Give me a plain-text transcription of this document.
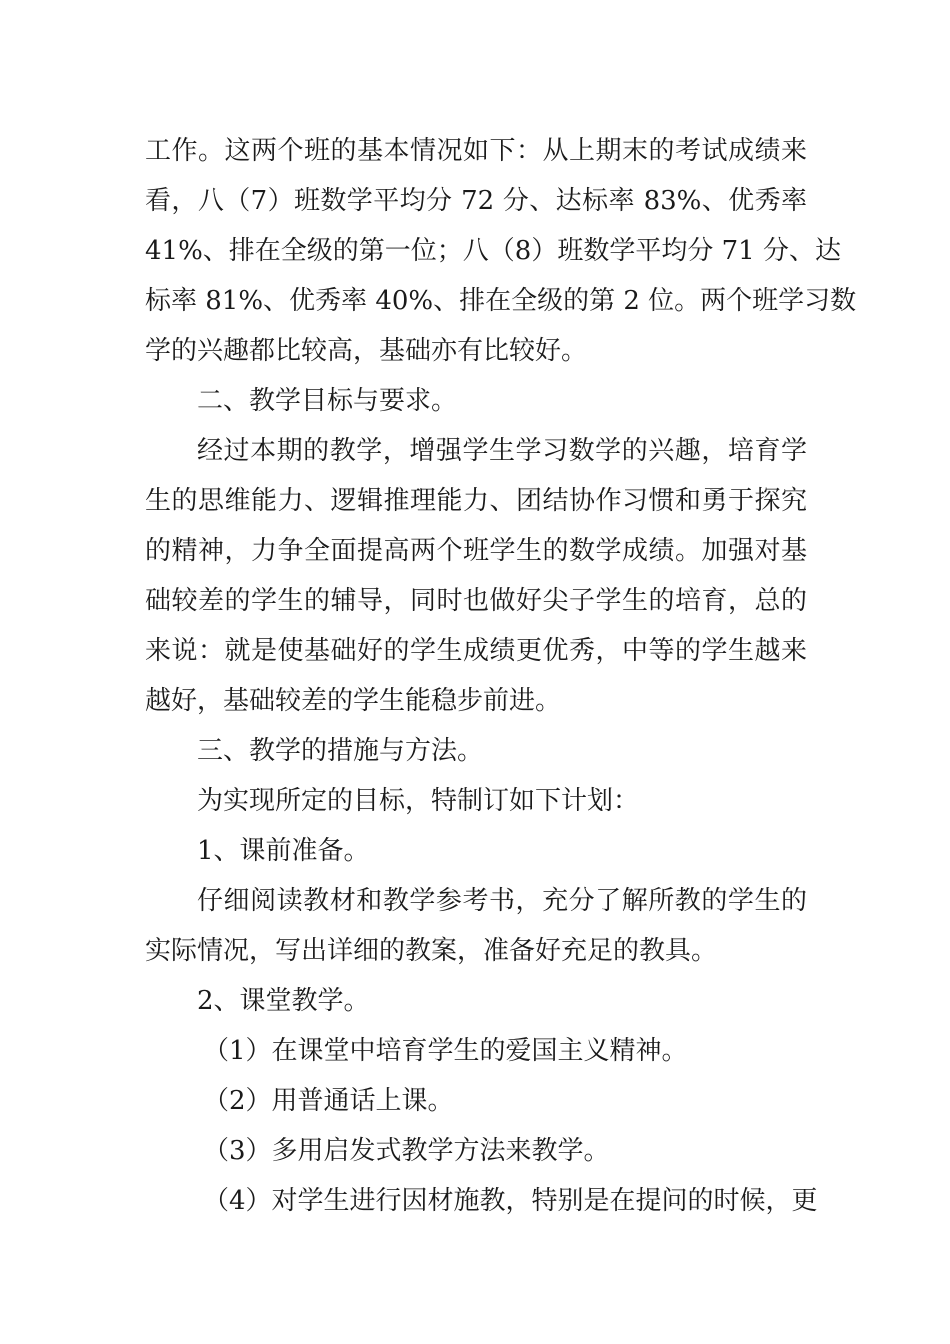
工作。这两个班的基本情况如下：从上期末的考试成绩来
看，八（7）班数学平均分 72 分、达标率 83%、优秀率
41%、排在全级的第一位；八（8）班数学平均分 71 分、达
标率 81%、优秀率 40%、排在全级的第 2 位。两个班学习数
学的兴趣都比较高，基础亦有比较好。
二、教学目标与要求。
经过本期的教学，增强学生学习数学的兴趣，培育学
生的思维能力、逻辑推理能力、团结协作习惯和勇于探究
的精神，力争全面提高两个班学生的数学成绩。加强对基
础较差的学生的辅导，同时也做好尖子学生的培育，总的
来说：就是使基础好的学生成绩更优秀，中等的学生越来
越好，基础较差的学生能稳步前进。
三、教学的措施与方法。
为实现所定的目标，特制订如下计划：
1、课前准备。
仔细阅读教材和教学参考书，充分了解所教的学生的
实际情况，写出详细的教案，准备好充足的教具。
2、课堂教学。
（1）在课堂中培育学生的爱国主义精神。
（2）用普通话上课。
（3）多用启发式教学方法来教学。
（4）对学生进行因材施教，特别是在提问的时候，更
